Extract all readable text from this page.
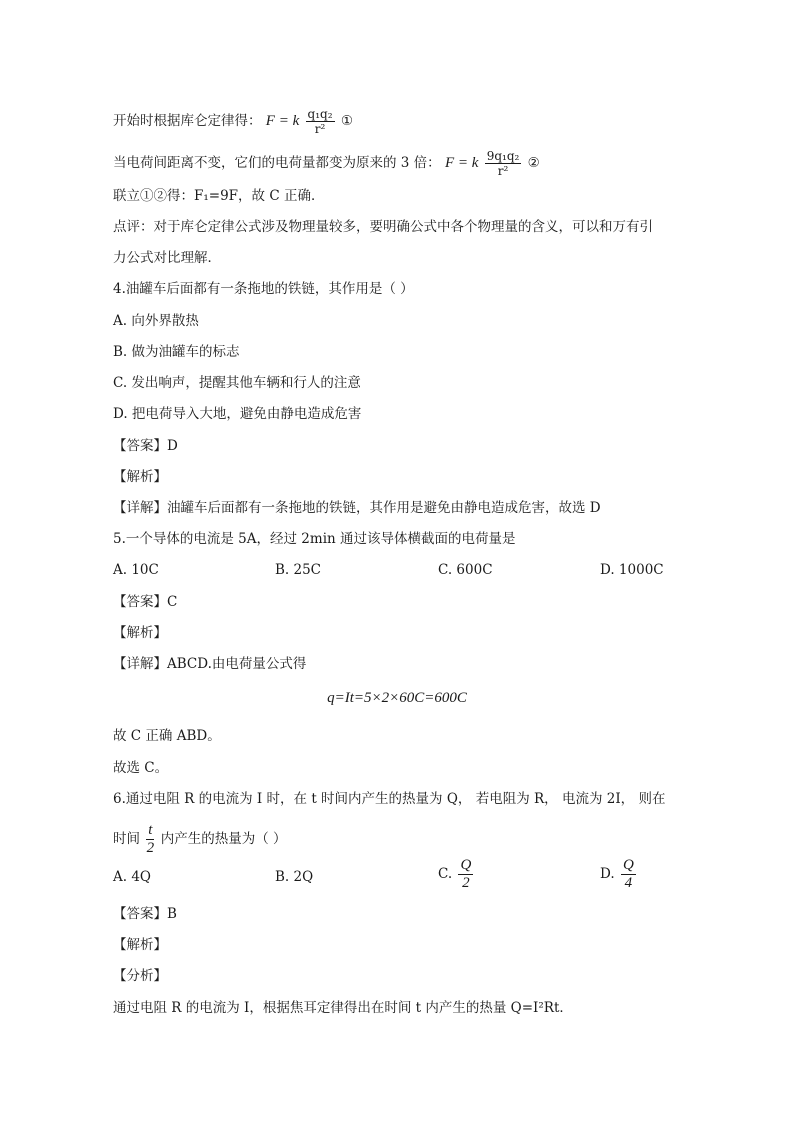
开始时根据库仑定律得： F = k $\frac{\text{q₁q₂}}{\text{r²}}$ ①
当电荷间距离不变，它们的电荷量都变为原来的 3 倍： F = k $\frac{\text{9q₁q₂}}{\text{r²}}$ ②
联立①②得：F₁=9F，故 C 正确．
点评：对于库仑定律公式涉及物理量较多，要明确公式中各个物理量的含义，可以和万有引
力公式对比理解．
4.油罐车后面都有一条拖地的铁链，其作用是（ ）
A. 向外界散热
B. 做为油罐车的标志
C. 发出响声，提醒其他车辆和行人的注意
D. 把电荷导入大地，避免由静电造成危害
【答案】D
【解析】
【详解】油罐车后面都有一条拖地的铁链，其作用是避免由静电造成危害，故选 D
5.一个导体的电流是 5A，经过 2min 通过该导体横截面的电荷量是
A. 10C	B. 25C	C. 600C	D. 1000C
【答案】C
【解析】
【详解】ABCD.由电荷量公式得
q=It=5×2×60C=600C
故 C 正确 ABD。
故选 C。
6.通过电阻 R 的电流为 I 时，在 t 时间内产生的热量为 Q， 若电阻为 R， 电流为 2I， 则在
时间 $\frac{t}{2}$ 内产生的热量为（ ）
A. 4Q	B. 2Q	C. $\frac{Q}{2}$	D. $\frac{Q}{4}$
【答案】B
【解析】
【分析】
通过电阻 R 的电流为 I，根据焦耳定律得出在时间 t 内产生的热量 Q=I²Rt．
